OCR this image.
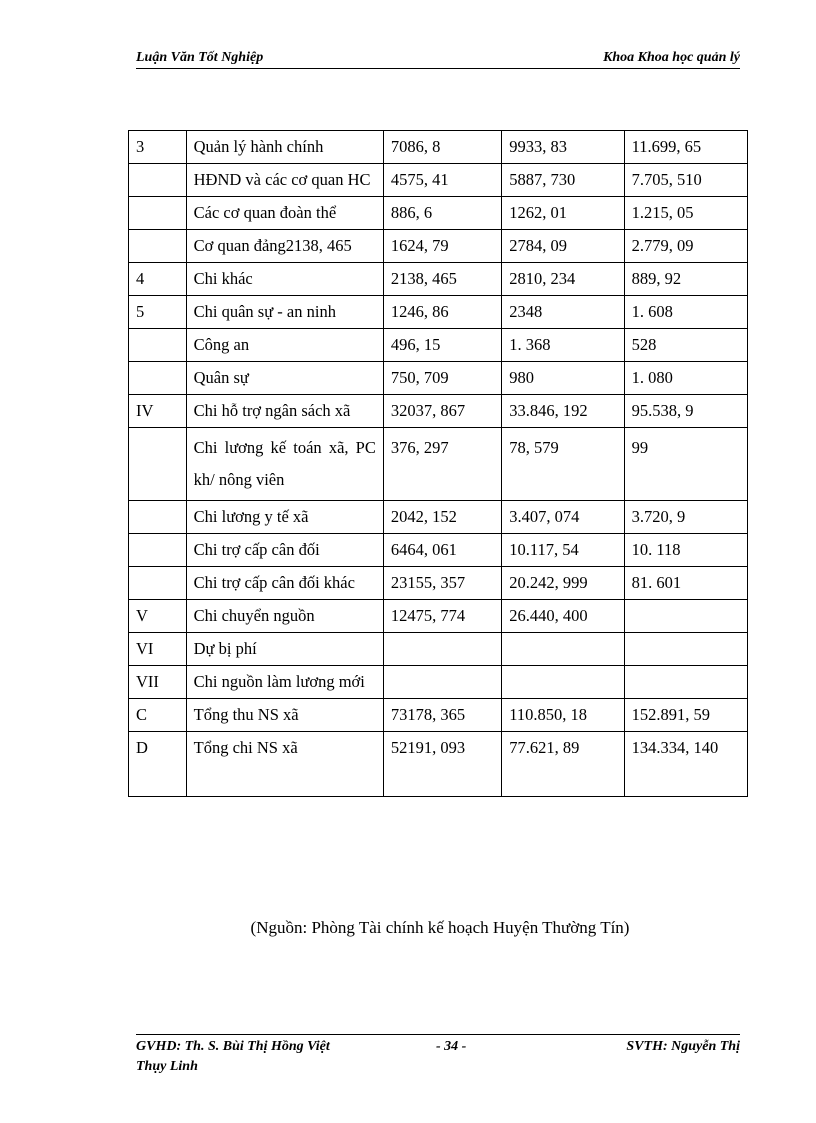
Luận Văn Tốt Nghiệp	Khoa Khoa học quản lý
3	Quản lý hành chính	7086, 8	9933, 83	11.699, 65
	HĐND và các cơ quan HC	4575, 41	5887, 730	7.705, 510
	Các cơ quan đoàn thể	886, 6	1262, 01	1.215, 05
	Cơ quan đảng2138, 465	1624, 79	2784, 09	2.779, 09
4	Chi khác	2138, 465	2810, 234	889, 92
5	Chi quân sự - an ninh	1246, 86	2348	1. 608
	Công an	496, 15	1. 368	528
	Quân sự	750, 709	980	1. 080
IV	Chi hỗ trợ ngân sách xã	32037, 867	33.846, 192	95.538, 9
	Chi lương kế toán xã, PC kh/ nông viên	376, 297	78, 579	99
	Chi lương y tế xã	2042, 152	3.407, 074	3.720, 9
	Chi trợ cấp cân đối	6464, 061	10.117, 54	10. 118
	Chi trợ cấp cân đối khác	23155, 357	20.242, 999	81. 601
V	Chi chuyển nguồn	12475, 774	26.440, 400	
VI	Dự bị phí			
VII	Chi nguồn làm lương mới			
C	Tổng thu NS xã	73178, 365	110.850, 18	152.891, 59
D	Tổng chi NS xã	52191, 093	77.621, 89	134.334, 140
(Nguồn: Phòng Tài chính kế hoạch Huyện Thường Tín)
GVHD: Th. S. Bùi Thị Hồng Việt	- 34 -	SVTH: Nguyễn Thị
Thụy Linh
